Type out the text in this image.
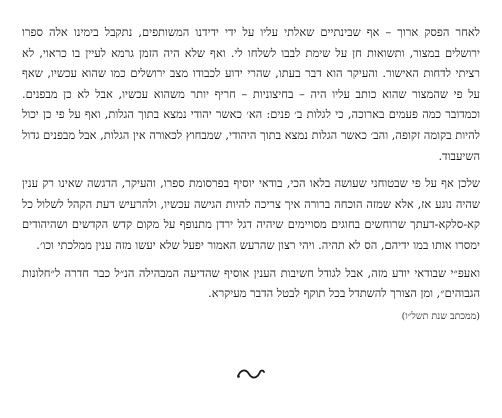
לאחר הפסק ארוך – אף שבינתיים שאלתי עליו על ידי ידידנו המשותפים, נתקבל בימינו אלה ספרו ירושלים במצור, ותשואות חן על שימת לבבו לשלחו לי. ואף שלא היה הזמן גרמא לעיין בו כראוי, לא רציתי לדחות האישור. והעיקר הוא דבר בעתו, שהרי ידוע לכבודו מצב ירושלים כמו שהוא עכשיו, שאף על פי שהמצור שהוא כותב עליו היה – בחיצוניות – חריף יותר משהוא עכשיו, אבל לא כן מבפנים. וכמדובר כמה פעמים בארוכה, כי לגלות ב׳ פנים: הא׳ כאשר יהודי נמצא בתוך הגלות, ואף על פי כן יכול להיות בקומה זקופה, והב׳ כאשר הגלות נמצא בתוך היהודי, שמבחוץ לכאורה אין הגלות, אבל מבפנים גדול השיעבוד.

שלכן אף על פי שבטוחני שעושה בלאו הכי, בודאי יוסיף בפרסומת ספרו, והעיקר, הדגשה שאינו רק ענין שהיה נוגע אז, אלא שמזה הוכחה ברורה איך צריכה להיות הגישה עכשיו, ולהרעיש דעת הקהל לשלול כל קא-סלקא-דעתך שרוחשים בחוגים מסויימים שיהיה דגל ירדן מתנופף על מקום קדש הקדשים ושהיהודים ימסרו אותו במו ידיהם, הס לא תהיה. ויהי רצון שהרעש האמור יפעל שלא יעשו מזה ענין ממלכתי וכו׳.

ואעפ״י שבודאי יודע מזה, אבל לגודל חשיבות הענין אוסיף שהדיעה המבהילה הנ״ל כבר חדרה ל״חלונות הגבוהים״, ומן הצורך להשתדל בכל תוקף לבטל הדבר מעיקרא.

(ממכתב שנת תשל״ו)
